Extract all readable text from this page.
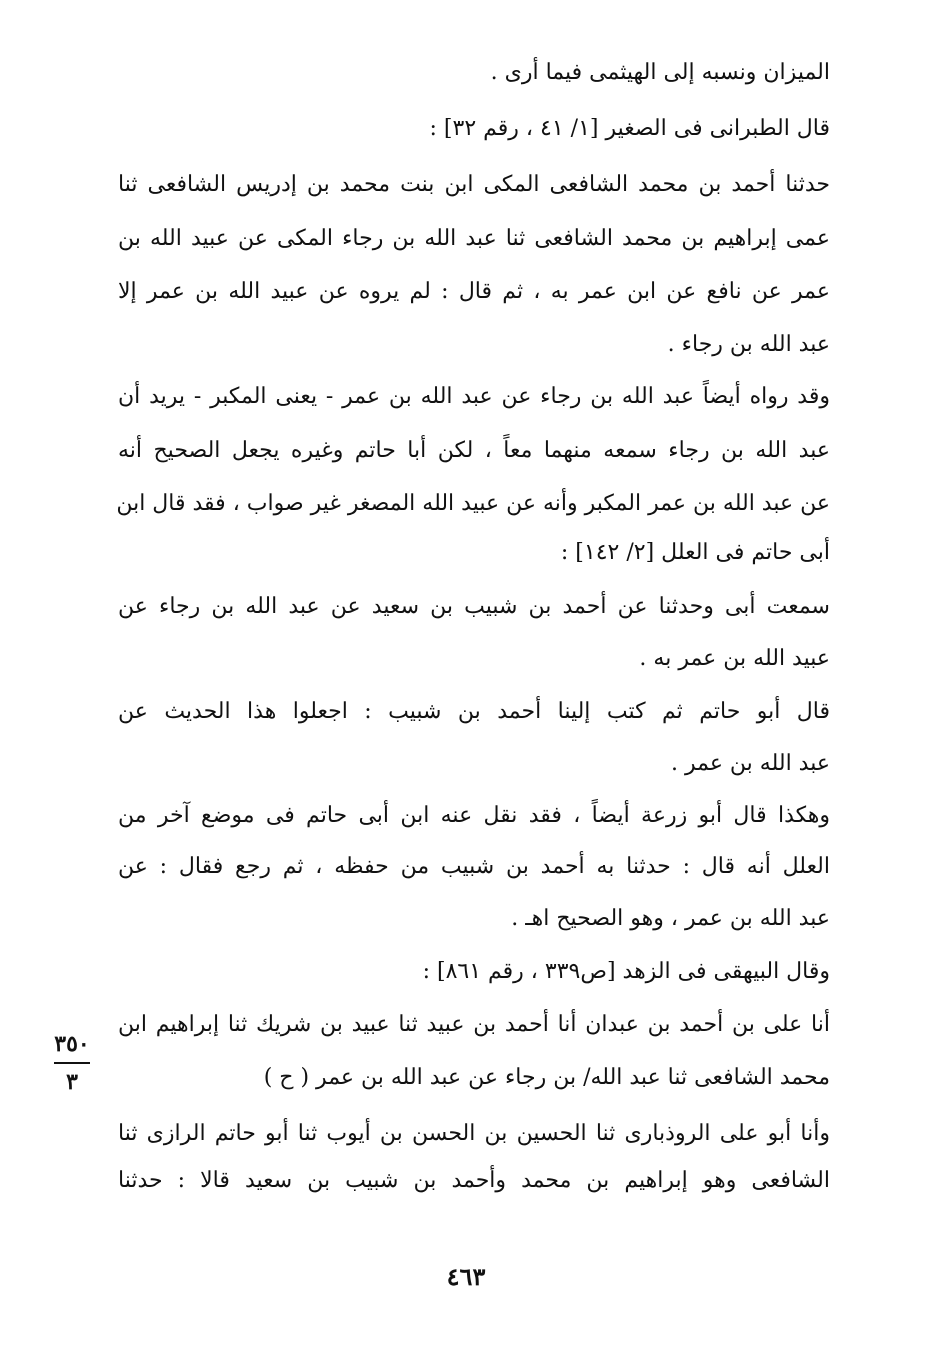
الميزان ونسبه إلى الهيثمى فيما أرى .
قال الطبرانى فى الصغير [١/ ٤١ ، رقم ٣٢] :
حدثنا أحمد بن محمد الشافعى المكى ابن بنت محمد بن إدريس الشافعى ثنا
عمى إبراهيم بن محمد الشافعى ثنا عبد الله بن رجاء المكى عن عبيد الله بن
عمر عن نافع عن ابن عمر به ، ثم قال : لم يروه عن عبيد الله بن عمر إلا
عبد الله بن رجاء .
وقد رواه أيضاً عبد الله بن رجاء عن عبد الله بن عمر - يعنى المكبر - يريد أن
عبد الله بن رجاء سمعه منهما معاً ، لكن أبا حاتم وغيره يجعل الصحيح أنه
عن عبد الله بن عمر المكبر وأنه عن عبيد الله المصغر غير صواب ، فقد قال ابن
أبى حاتم فى العلل [٢/ ١٤٢] :
سمعت أبى وحدثنا عن أحمد بن شبيب بن سعيد عن عبد الله بن رجاء عن
عبيد الله بن عمر به .
قال أبو حاتم ثم كتب إلينا أحمد بن شبيب : اجعلوا هذا الحديث عن
عبد الله بن عمر .
وهكذا قال أبو زرعة أيضاً ، فقد نقل عنه ابن أبى حاتم فى موضع آخر من
العلل أنه قال : حدثنا به أحمد بن شبيب من حفظه ، ثم رجع فقال : عن
عبد الله بن عمر ، وهو الصحيح اهـ .
وقال البيهقى فى الزهد [ص٣٣٩ ، رقم ٨٦١] :
أنا على بن أحمد بن عبدان أنا أحمد بن عبيد ثنا عبيد بن شريك ثنا إبراهيم ابن
محمد الشافعى ثنا عبد الله/ بن رجاء عن عبد الله بن عمر ( ح )
وأنا أبو على الروذبارى ثنا الحسين بن الحسن بن أيوب ثنا أبو حاتم الرازى ثنا
الشافعى وهو إبراهيم بن محمد وأحمد بن شبيب بن سعيد قالا : حدثنا
٣٥٠
٣
٤٦٣
